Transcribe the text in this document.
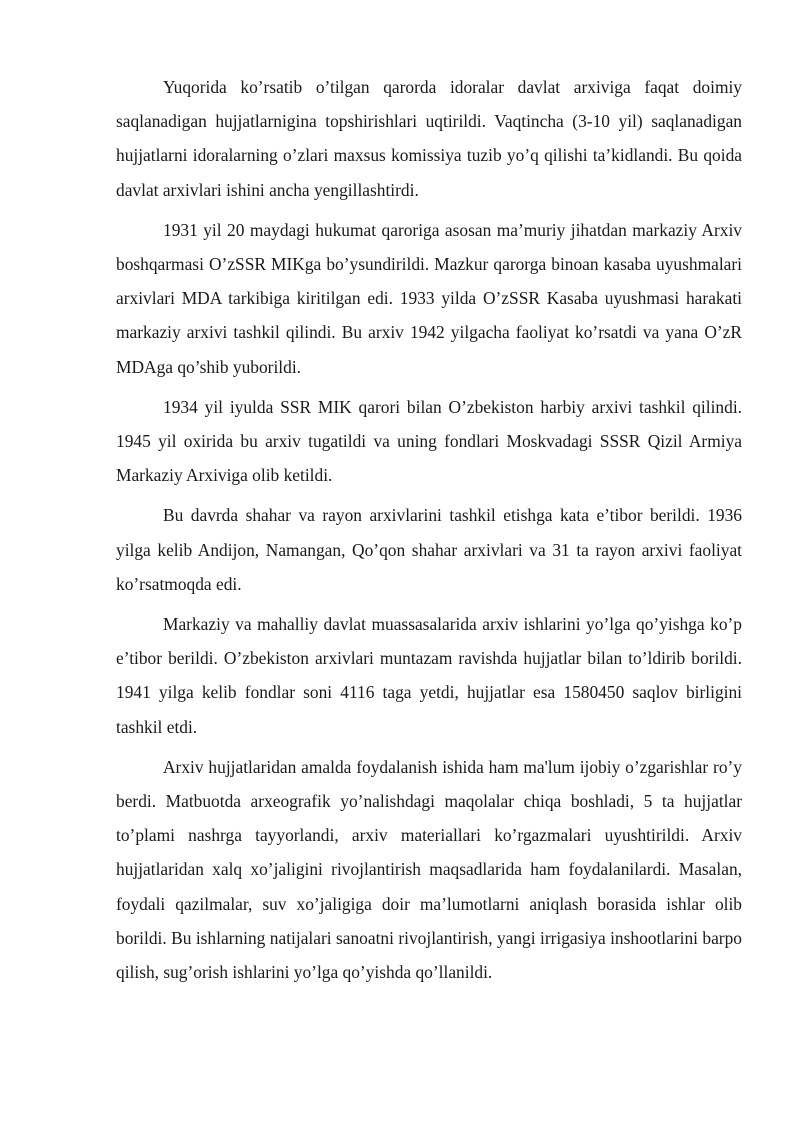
Yuqorida ko’rsatib o’tilgan qarorda idoralar davlat arxiviga faqat doimiy saqlanadigan hujjatlarnigina topshirishlari uqtirildi. Vaqtincha (3-10 yil) saqlanadigan hujjatlarni idoralarning o’zlari maxsus komissiya tuzib yo’q qilishi ta’kidlandi. Bu qoida davlat arxivlari ishini ancha yengillashtirdi.

1931 yil 20 maydagi hukumat qaroriga asosan ma’muriy jihatdan markaziy Arxiv boshqarmasi O’zSSR MIKga bo’ysundirildi. Mazkur qarorga binoan kasaba uyushmalari arxivlari MDA tarkibiga kiritilgan edi. 1933 yilda O’zSSR Kasaba uyushmasi harakati markaziy arxivi tashkil qilindi. Bu arxiv 1942 yilgacha faoliyat ko’rsatdi va yana O’zR MDAga qo’shib yuborildi.

1934 yil iyulda SSR MIK qarori bilan O’zbekiston harbiy arxivi tashkil qilindi. 1945 yil oxirida bu arxiv tugatildi va uning fondlari Moskvadagi SSSR Qizil Armiya Markaziy Arxiviga olib ketildi.

Bu davrda shahar va rayon arxivlarini tashkil etishga kata e’tibor berildi. 1936 yilga kelib Andijon, Namangan, Qo’qon shahar arxivlari va 31 ta rayon arxivi faoliyat ko’rsatmoqda edi.

Markaziy va mahalliy davlat muassasalarida arxiv ishlarini yo’lga qo’yishga ko’p e’tibor berildi. O’zbekiston arxivlari muntazam ravishda hujjatlar bilan to’ldirib borildi. 1941 yilga kelib fondlar soni 4116 taga yetdi, hujjatlar esa 1580450 saqlov birligini tashkil etdi.

Arxiv hujjatlaridan amalda foydalanish ishida ham ma'lum ijobiy o’zgarishlar ro’y berdi. Matbuotda arxeografik yo’nalishdagi maqolalar chiqa boshladi, 5 ta hujjatlar to’plami nashrga tayyorlandi, arxiv materiallari ko’rgazmalari uyushtirildi. Arxiv hujjatlaridan xalq xo’jaligini rivojlantirish maqsadlarida ham foydalanilardi. Masalan, foydali qazilmalar, suv xo’jaligiga doir ma’lumotlarni aniqlash borasida ishlar olib borildi. Bu ishlarning natijalari sanoatni rivojlantirish, yangi irrigasiya inshootlarini barpo qilish, sug’orish ishlarini yo’lga qo’yishda qo’llanildi.
